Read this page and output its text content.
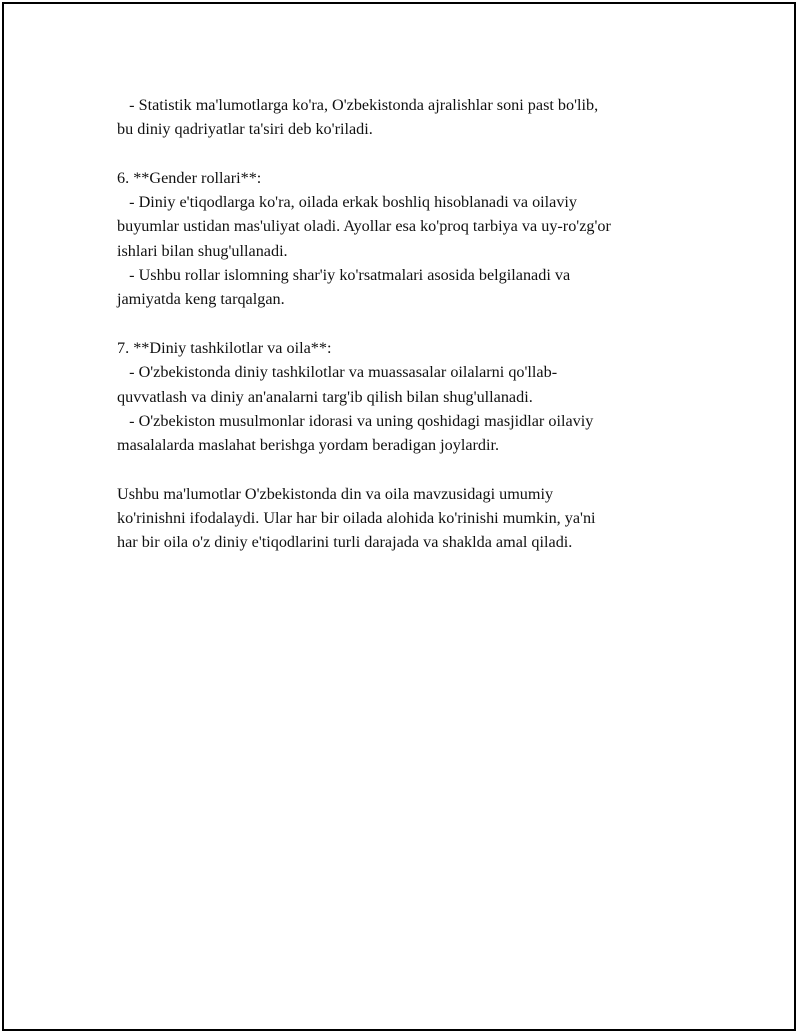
- Statistik ma'lumotlarga ko'ra, O'zbekistonda ajralishlar soni past bo'lib,
bu diniy qadriyatlar ta'siri deb ko'riladi.
6. **Gender rollari**:
- Diniy e'tiqodlarga ko'ra, oilada erkak boshliq hisoblanadi va oilaviy
buyumlar ustidan mas'uliyat oladi. Ayollar esa ko'proq tarbiya va uy-ro'zg'or
ishlari bilan shug'ullanadi.
- Ushbu rollar islomning shar'iy ko'rsatmalari asosida belgilanadi va
jamiyatda keng tarqalgan.
7. **Diniy tashkilotlar va oila**:
- O'zbekistonda diniy tashkilotlar va muassasalar oilalarni qo'llab-
quvvatlash va diniy an'analarni targ'ib qilish bilan shug'ullanadi.
- O'zbekiston musulmonlar idorasi va uning qoshidagi masjidlar oilaviy
masalalarda maslahat berishga yordam beradigan joylardir.
Ushbu ma'lumotlar O'zbekistonda din va oila mavzusidagi umumiy
ko'rinishni ifodalaydi. Ular har bir oilada alohida ko'rinishi mumkin, ya'ni
har bir oila o'z diniy e'tiqodlarini turli darajada va shaklda amal qiladi.
